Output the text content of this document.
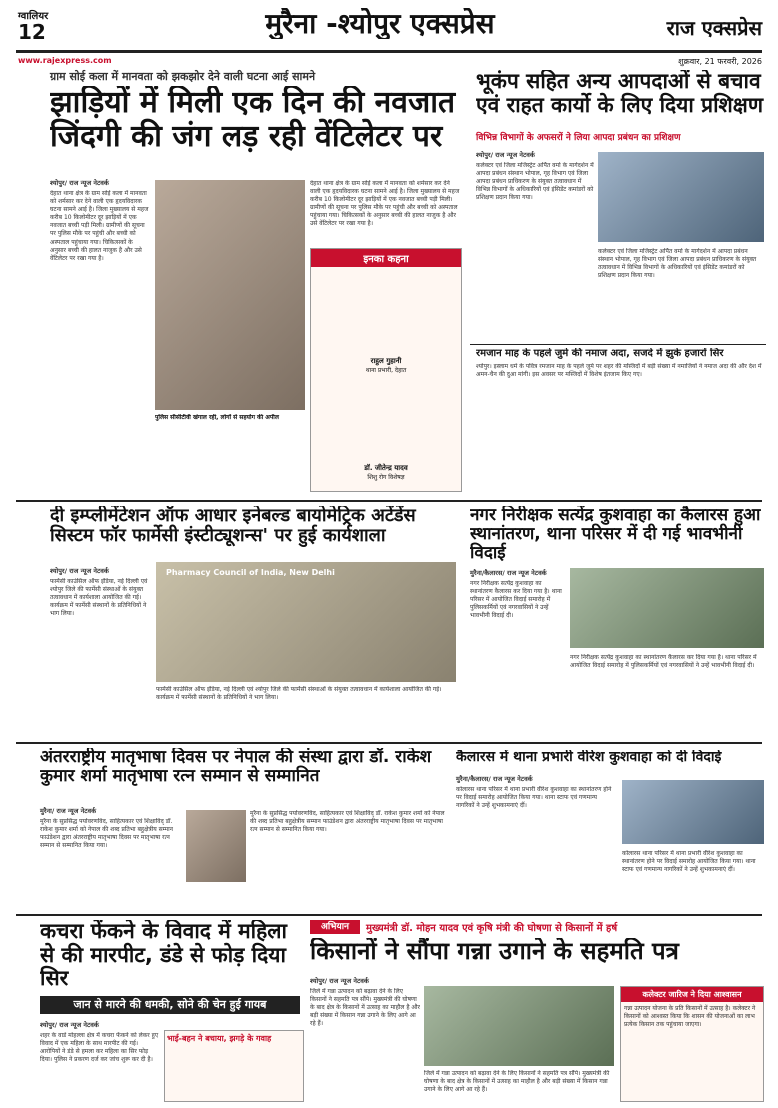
ग्वालियर
12	मुरैना -श्योपुर एक्सप्रेस	राज एक्सप्रेस
www.rajexpress.com	शुक्रवार, 21 फरवरी, 2026
ग्राम सोई कला में मानवता को झकझोर देने वाली घटना आई सामने
झाड़ियों में मिली एक दिन की नवजात जिंदगी की जंग लड़ रही वेंटिलेटर पर
श्योपुर/ राज न्यूज नेटवर्क
देहात थाना क्षेत्र के ग्राम सोई कला में मानवता को शर्मसार कर देने वाली एक हृदयविदारक घटना सामने आई है। जिला मुख्यालय से महज करीब 10 किलोमीटर दूर झाड़ियों में एक नवजात बच्ची पड़ी मिली। ग्रामीणों की सूचना पर पुलिस मौके पर पहुंची और बच्ची को अस्पताल पहुंचाया गया। चिकित्सकों के अनुसार बच्ची की हालत नाजुक है और उसे वेंटिलेटर पर रखा गया है।
पुलिस सीसीटीवी खंगाल रही, लोगों से सहयोग की अपील
देहात थाना क्षेत्र के ग्राम सोई कला में मानवता को शर्मसार कर देने वाली एक हृदयविदारक घटना सामने आई है। जिला मुख्यालय से महज करीब 10 किलोमीटर दूर झाड़ियों में एक नवजात बच्ची पड़ी मिली। ग्रामीणों की सूचना पर पुलिस मौके पर पहुंची और बच्ची को अस्पताल पहुंचाया गया। चिकित्सकों के अनुसार बच्ची की हालत नाजुक है और उसे वेंटिलेटर पर रखा गया है।
इनका कहना
राहुल गुहानी
थाना प्रभारी, देहात
डॉ. जीतेन्द्र यादव
शिशु रोग विशेषज्ञ
भूकंप सहित अन्य आपदाओं से बचाव एवं राहत कार्यो के लिए दिया प्रशिक्षण
विभिन्न विभागों के अफसरों ने लिया आपदा प्रबंधन का प्रशिक्षण
श्योपुर/ राज न्यूज नेटवर्क
कलेक्टर एवं जिला मजिस्ट्रेट अर्पित वर्मा के मार्गदर्शन में आपदा प्रबंधन संस्थान भोपाल, गृह विभाग एवं जिला आपदा प्रबंधन प्राधिकरण के संयुक्त तत्वावधान में विभिन्न विभागों के अधिकारियों एवं इंसिडेंट कमांडरों को प्रशिक्षण प्रदान किया गया।
कलेक्टर एवं जिला मजिस्ट्रेट अर्पित वर्मा के मार्गदर्शन में आपदा प्रबंधन संस्थान भोपाल, गृह विभाग एवं जिला आपदा प्रबंधन प्राधिकरण के संयुक्त तत्वावधान में विभिन्न विभागों के अधिकारियों एवं इंसिडेंट कमांडरों को प्रशिक्षण प्रदान किया गया।
रमजान माह के पहले जुमे की नमाज अदा, सजदे में झुके हजारों सिर
श्योपुर। इस्लाम धर्म के पवित्र रमजान माह के पहले जुमे पर शहर की मस्जिदों में बड़ी संख्या में नमाजियों ने नमाज अदा की और देश में अमन-चैन की दुआ मांगी। इस अवसर पर मस्जिदों में विशेष इंतजाम किए गए।
दी इम्प्लीमेंटेशन ऑफ आधार इनेबल्ड बायोमेट्रिक अटेंडेंस सिस्टम फॉर फार्मेसी इंस्टीट्यूशन्स' पर हुई कार्यशाला
श्योपुर/ राज न्यूज नेटवर्क	Pharmacy Council of India, New Delhi
फार्मेसी काउंसिल ऑफ इंडिया, नई दिल्ली एवं श्योपुर जिले की फार्मेसी संस्थाओं के संयुक्त तत्वावधान में कार्यशाला आयोजित की गई। कार्यक्रम में फार्मेसी संस्थानों के प्रतिनिधियों ने भाग लिया।
फार्मेसी काउंसिल ऑफ इंडिया, नई दिल्ली एवं श्योपुर जिले की फार्मेसी संस्थाओं के संयुक्त तत्वावधान में कार्यशाला आयोजित की गई। कार्यक्रम में फार्मेसी संस्थानों के प्रतिनिधियों ने भाग लिया।
नगर निरीक्षक सत्येंद्र कुशवाहा का कैलारस हुआ स्थानांतरण, थाना परिसर में दी गई भावभीनी विदाई
मुरैना/कैलारस/ राज न्यूज नेटवर्क
नगर निरीक्षक सत्येंद्र कुशवाहा का स्थानांतरण कैलारस कर दिया गया है। थाना परिसर में आयोजित विदाई समारोह में पुलिसकर्मियों एवं नगरवासियों ने उन्हें भावभीनी विदाई दी।
नगर निरीक्षक सत्येंद्र कुशवाहा का स्थानांतरण कैलारस कर दिया गया है। थाना परिसर में आयोजित विदाई समारोह में पुलिसकर्मियों एवं नगरवासियों ने उन्हें भावभीनी विदाई दी।
अंतरराष्ट्रीय मातृभाषा दिवस पर नेपाल की संस्था द्वारा डॉ. राकेश कुमार शर्मा मातृभाषा रत्न सम्मान से सम्मानित
मुरैना/ राज न्यूज नेटवर्क
मुरैना के सुप्रसिद्ध पर्यावरणविद, साहित्यकार एवं शिक्षाविद् डॉ. राकेश कुमार शर्मा को नेपाल की शब्द प्रतिभा बहुक्षेत्रीय सम्मान फाउंडेशन द्वारा अंतरराष्ट्रीय मातृभाषा दिवस पर मातृभाषा रत्न सम्मान से सम्मानित किया गया।
मुरैना के सुप्रसिद्ध पर्यावरणविद, साहित्यकार एवं शिक्षाविद् डॉ. राकेश कुमार शर्मा को नेपाल की शब्द प्रतिभा बहुक्षेत्रीय सम्मान फाउंडेशन द्वारा अंतरराष्ट्रीय मातृभाषा दिवस पर मातृभाषा रत्न सम्मान से सम्मानित किया गया।
कैलारस में थाना प्रभारी वीरेश कुशवाहा को दी विदाई
मुरैना/कैलारस/ राज न्यूज नेटवर्क
कोलारस थाना परिसर में थाना प्रभारी वीरेश कुशवाहा का स्थानांतरण होने पर विदाई समारोह आयोजित किया गया। थाना स्टाफ एवं गणमान्य नागरिकों ने उन्हें शुभकामनाएं दीं।
कोलारस थाना परिसर में थाना प्रभारी वीरेश कुशवाहा का स्थानांतरण होने पर विदाई समारोह आयोजित किया गया। थाना स्टाफ एवं गणमान्य नागरिकों ने उन्हें शुभकामनाएं दीं।
कचरा फेंकने के विवाद में महिला से की मारपीट, डंडे से फोड़ दिया सिर
जान से मारने की धमकी, सोने की चेन हुई गायब
श्योपुर/ राज न्यूज नेटवर्क
शहर के वार्ड मोहल्ला क्षेत्र में कचरा फेंकने को लेकर हुए विवाद में एक महिला के साथ मारपीट की गई। आरोपियों ने डंडे से हमला कर महिला का सिर फोड़ दिया। पुलिस ने प्रकरण दर्ज कर जांच शुरू कर दी है।
भाई-बहन ने बचाया, झगड़े के गवाह
अभियान	मुख्यमंत्री डॉ. मोहन यादव एवं कृषि मंत्री की घोषणा से किसानों में हर्ष
किसानों ने सौंपा गन्ना उगाने के सहमति पत्र
श्योपुर/ राज न्यूज नेटवर्क
जिले में गन्ना उत्पादन को बढ़ावा देने के लिए किसानों ने सहमति पत्र सौंपे। मुख्यमंत्री की घोषणा के बाद क्षेत्र के किसानों में उत्साह का माहौल है और बड़ी संख्या में किसान गन्ना उगाने के लिए आगे आ रहे हैं।
जिले में गन्ना उत्पादन को बढ़ावा देने के लिए किसानों ने सहमति पत्र सौंपे। मुख्यमंत्री की घोषणा के बाद क्षेत्र के किसानों में उत्साह का माहौल है और बड़ी संख्या में किसान गन्ना उगाने के लिए आगे आ रहे हैं।
कलेक्टर जारिज ने दिया आश्वासन
गन्ना उत्पादन योजना के प्रति किसानों में उत्साह है। कलेक्टर ने किसानों को आश्वस्त किया कि शासन की योजनाओं का लाभ प्रत्येक किसान तक पहुंचाया जाएगा।
